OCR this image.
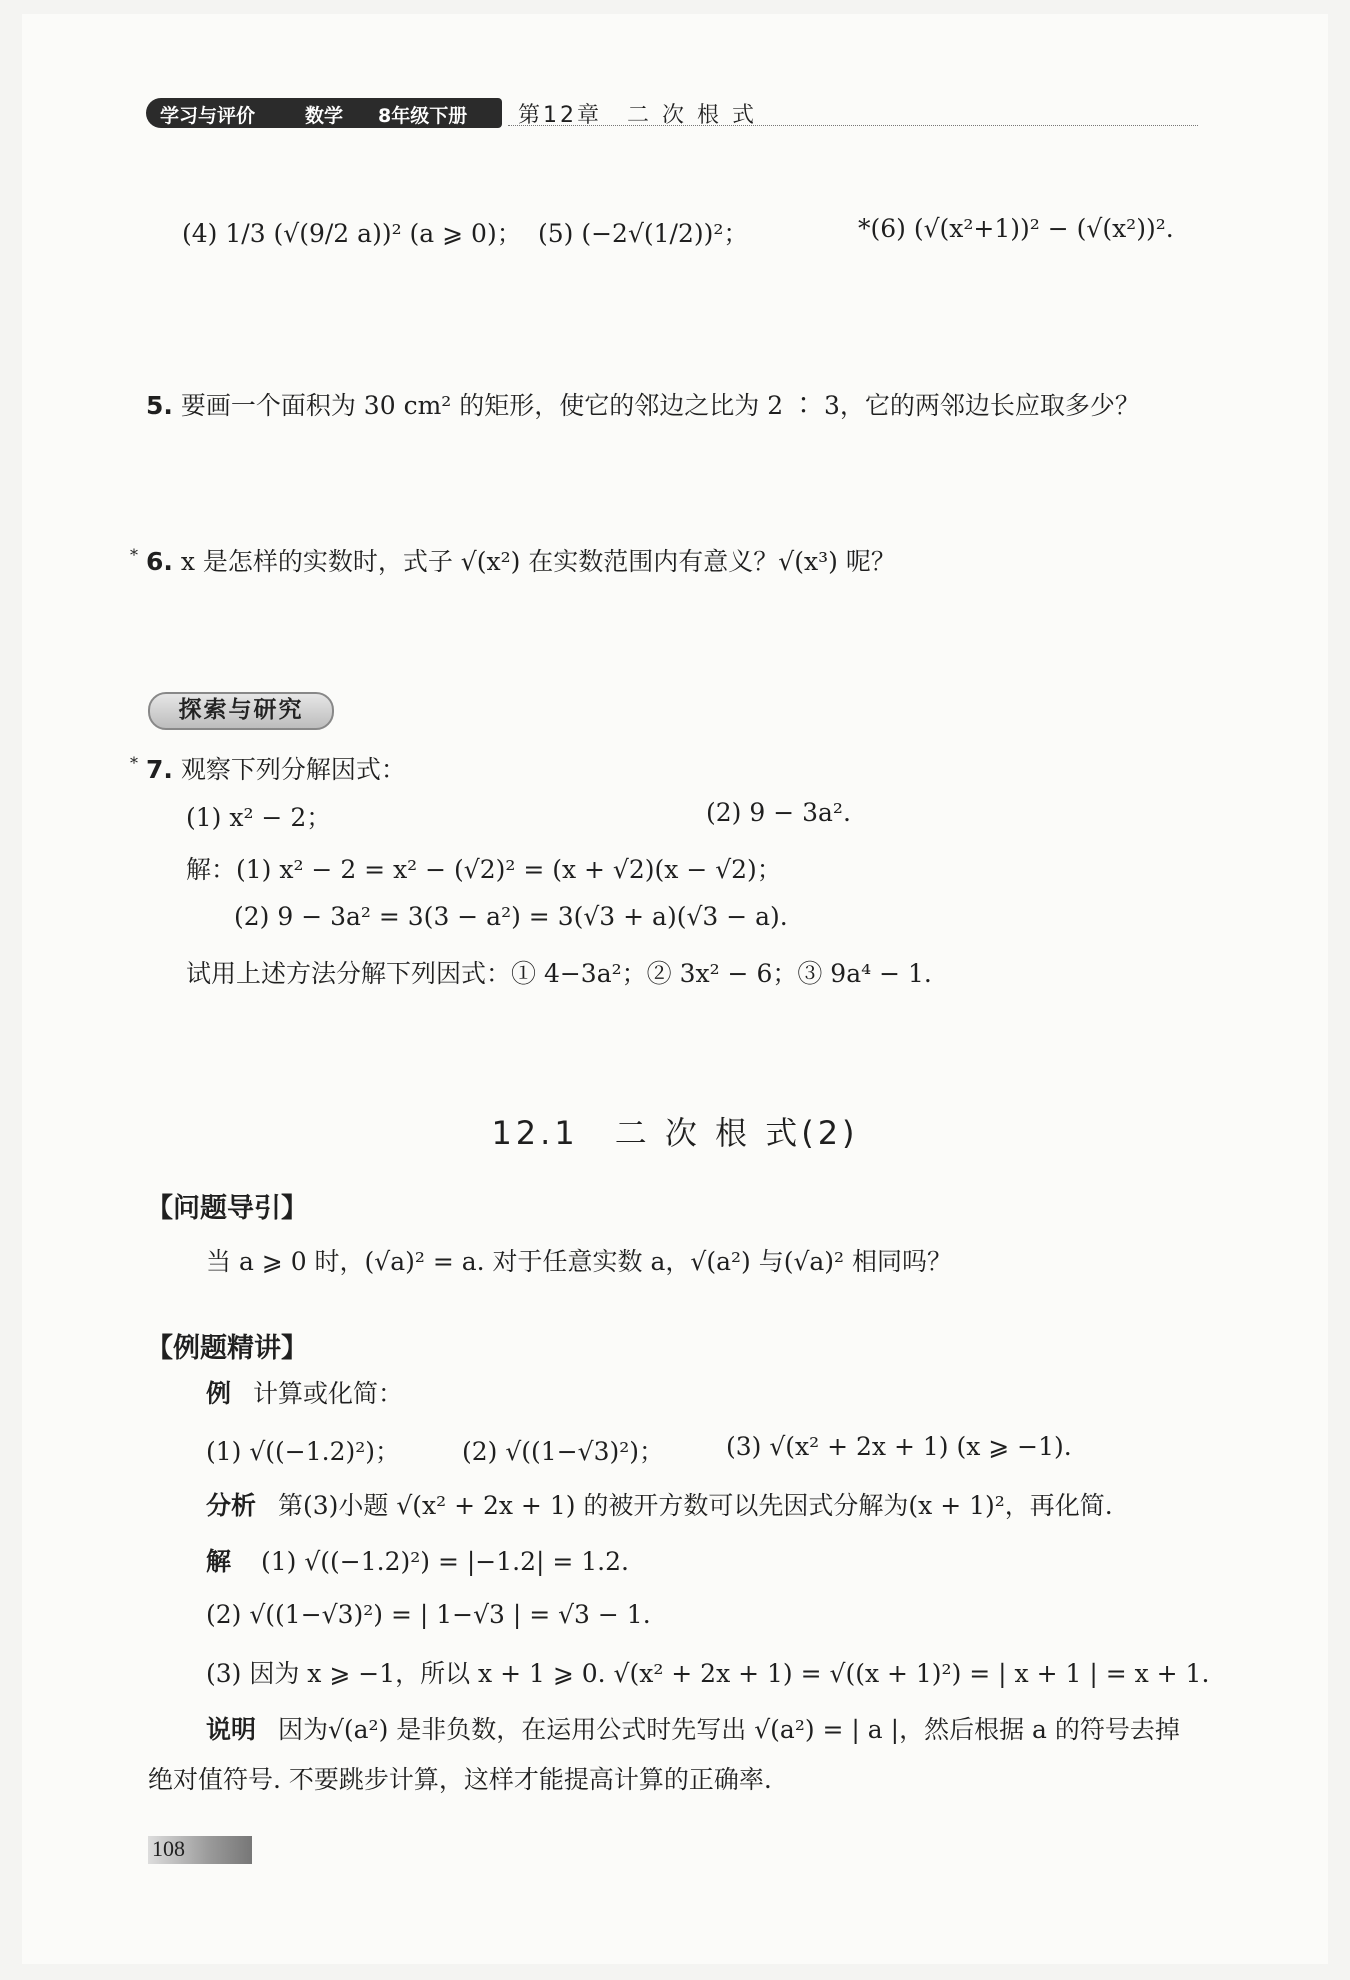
学习与评价	数学 8年级下册 第12章　二 次 根 式
(4) 1/3 (√(9/2 a))² (a ⩾ 0)； (5) (−2√(1/2))²；	*(6) (√(x²+1))² − (√(x²))².
5. 要画一个面积为 30 cm² 的矩形，使它的邻边之比为 2 ∶ 3，它的两邻边长应取多少？
* 6. x 是怎样的实数时，式子 √(x²) 在实数范围内有意义？√(x³) 呢？
探索与研究
* 7. 观察下列分解因式：
(1) x² − 2；	(2) 9 − 3a².
解：(1) x² − 2 = x² − (√2)² = (x + √2)(x − √2)；
(2) 9 − 3a² = 3(3 − a²) = 3(√3 + a)(√3 − a).
试用上述方法分解下列因式：① 4−3a²；② 3x² − 6；③ 9a⁴ − 1.
12.1　二 次 根 式(2)
【问题导引】
当 a ⩾ 0 时，(√a)² = a. 对于任意实数 a，√(a²) 与(√a)² 相同吗？
【例题精讲】
例 计算或化简：
(1) √((−1.2)²)； (2) √((1−√3)²)； (3) √(x² + 2x + 1) (x ⩾ −1).
分析 第(3)小题 √(x² + 2x + 1) 的被开方数可以先因式分解为(x + 1)²，再化简.
解 (1) √((−1.2)²) = |−1.2| = 1.2.
(2) √((1−√3)²) = | 1−√3 | = √3 − 1.
(3) 因为 x ⩾ −1，所以 x + 1 ⩾ 0. √(x² + 2x + 1) = √((x + 1)²) = | x + 1 | = x + 1.
说明 因为√(a²) 是非负数，在运用公式时先写出 √(a²) = | a |，然后根据 a 的符号去掉
绝对值符号. 不要跳步计算，这样才能提高计算的正确率.
108
